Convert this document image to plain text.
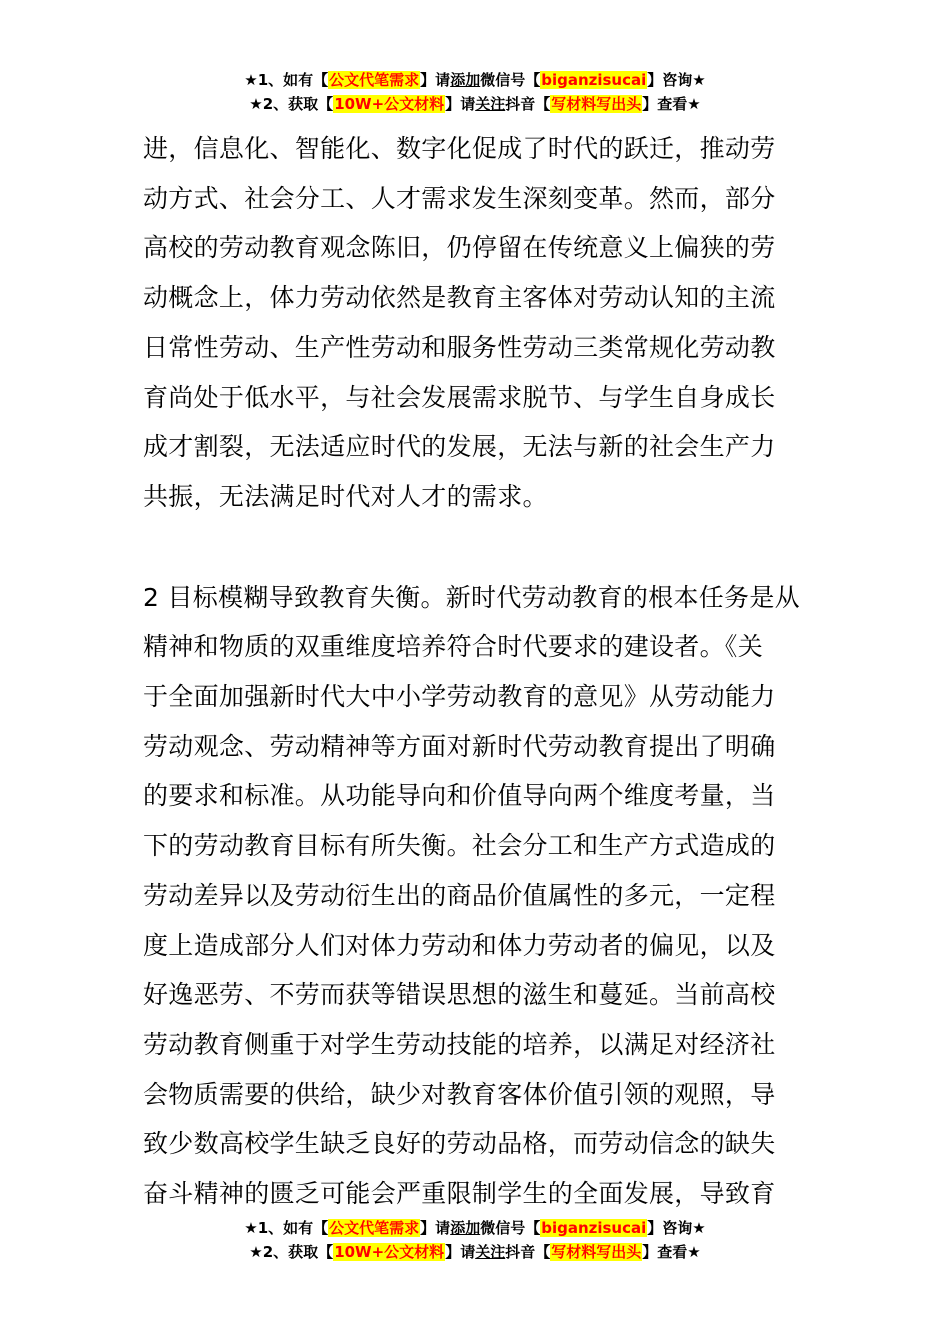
★1、如有【公文代笔需求】请添加微信号【biganzisucai】咨询★
★2、获取【10W+公文材料】请关注抖音【写材料写出头】查看★
进，信息化、智能化、数字化促成了时代的跃迁，推动劳
动方式、社会分工、人才需求发生深刻变革。然而，部分
高校的劳动教育观念陈旧，仍停留在传统意义上偏狭的劳
动概念上，体力劳动依然是教育主客体对劳动认知的主流
日常性劳动、生产性劳动和服务性劳动三类常规化劳动教
育尚处于低水平，与社会发展需求脱节、与学生自身成长
成才割裂，无法适应时代的发展，无法与新的社会生产力
共振，无法满足时代对人才的需求。
2 目标模糊导致教育失衡。新时代劳动教育的根本任务是从
精神和物质的双重维度培养符合时代要求的建设者。《关
于全面加强新时代大中小学劳动教育的意见》从劳动能力
劳动观念、劳动精神等方面对新时代劳动教育提出了明确
的要求和标准。从功能导向和价值导向两个维度考量，当
下的劳动教育目标有所失衡。社会分工和生产方式造成的
劳动差异以及劳动衍生出的商品价值属性的多元，一定程
度上造成部分人们对体力劳动和体力劳动者的偏见，以及
好逸恶劳、不劳而获等错误思想的滋生和蔓延。当前高校
劳动教育侧重于对学生劳动技能的培养，以满足对经济社
会物质需要的供给，缺少对教育客体价值引领的观照，导
致少数高校学生缺乏良好的劳动品格，而劳动信念的缺失
奋斗精神的匮乏可能会严重限制学生的全面发展，导致育
★1、如有【公文代笔需求】请添加微信号【biganzisucai】咨询★
★2、获取【10W+公文材料】请关注抖音【写材料写出头】查看★
